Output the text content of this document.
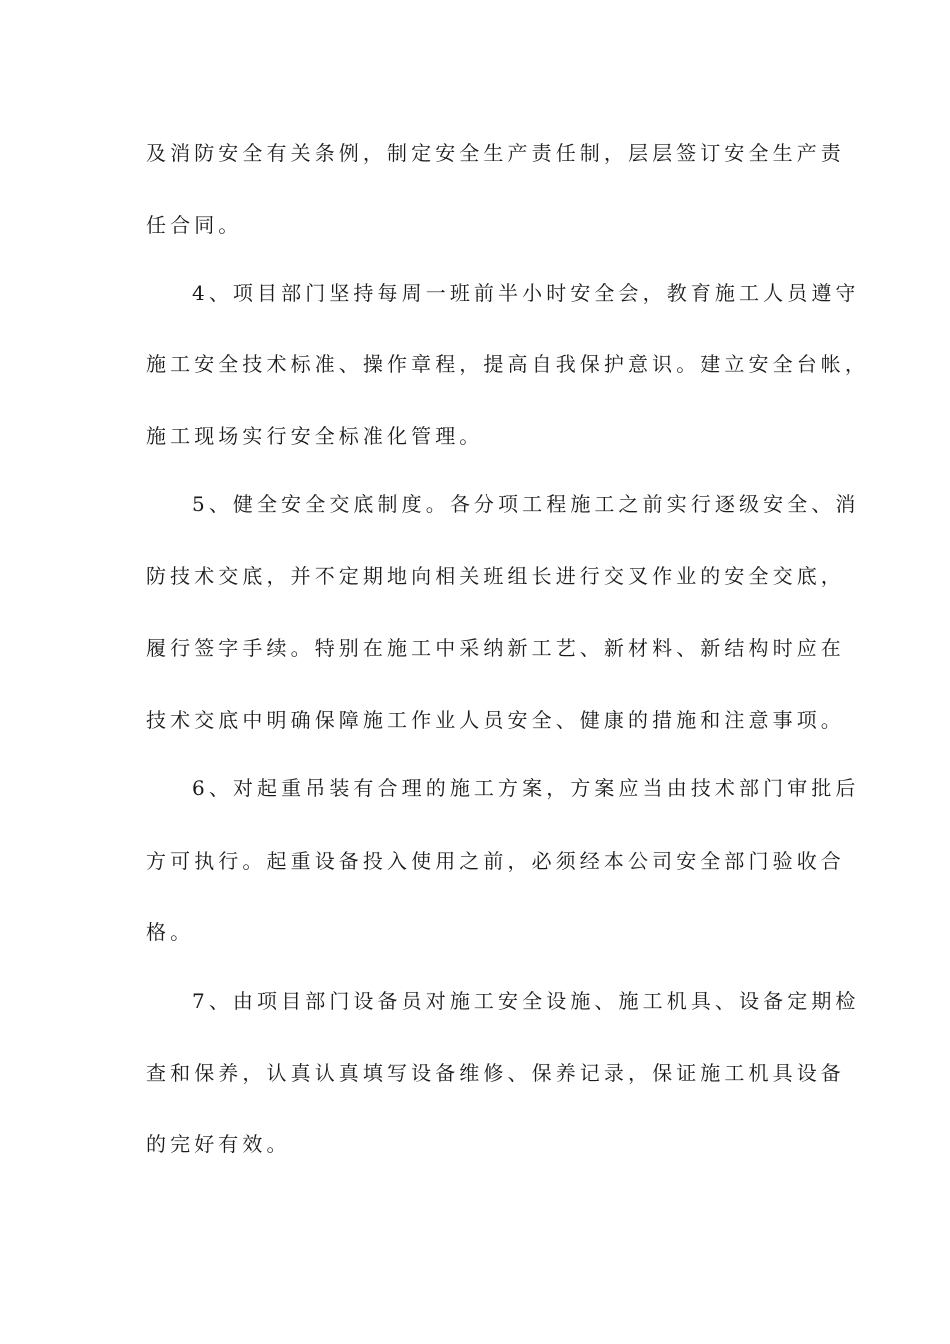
及消防安全有关条例，制定安全生产责任制，层层签订安全生产责
任合同。
4、项目部门坚持每周一班前半小时安全会，教育施工人员遵守
施工安全技术标准、操作章程，提高自我保护意识。建立安全台帐，
施工现场实行安全标准化管理。
5、健全安全交底制度。各分项工程施工之前实行逐级安全、消
防技术交底，并不定期地向相关班组长进行交叉作业的安全交底，
履行签字手续。特别在施工中采纳新工艺、新材料、新结构时应在
技术交底中明确保障施工作业人员安全、健康的措施和注意事项。
6、对起重吊装有合理的施工方案，方案应当由技术部门审批后
方可执行。起重设备投入使用之前，必须经本公司安全部门验收合
格。
7、由项目部门设备员对施工安全设施、施工机具、设备定期检
查和保养，认真认真填写设备维修、保养记录，保证施工机具设备
的完好有效。
